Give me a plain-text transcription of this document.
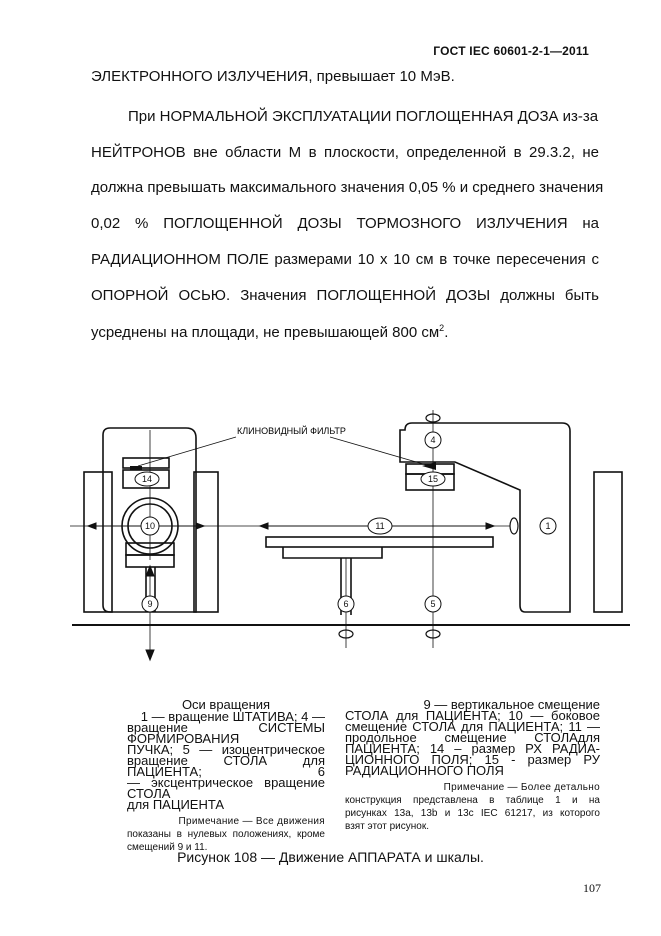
ГОСТ IEC 60601-2-1—2011
ЭЛЕКТРОННОГО ИЗЛУЧЕНИЯ, превышает 10 МэВ.
При НОРМАЛЬНОЙ ЭКСПЛУАТАЦИИ ПОГЛОЩЕННАЯ ДОЗА из-за
НЕЙТРОНОВ вне области М в плоскости, определенной в 29.3.2, не
должна превышать максимального значения 0,05 % и среднего значения
0,02 % ПОГЛОЩЕННОЙ ДОЗЫ ТОРМОЗНОГО ИЗЛУЧЕНИЯ на
РАДИАЦИОННОМ ПОЛЕ размерами 10 х 10 см в точке пересечения с
ОПОРНОЙ ОСЬЮ. Значения ПОГЛОЩЕННОЙ ДОЗЫ должны быть
усреднены на площади, не превышающей 800 $см^2$.
КЛИНОВИДНЫЙ ФИЛЬТР
1
4
5
6
9
10	11
14	15
Оси вращения
1 — вращение ШТАТИВА; 4 —
вращение СИСТЕМЫ ФОРМИРОВАНИЯ
ПУЧКА; 5 — изоцентрическое
вращение СТОЛА для ПАЦИЕНТА; 6
— эксцентрическое вращение СТОЛА
для ПАЦИЕНТА
Примечание — Все движения
показаны в нулевых положениях, кроме
смещений 9 и 11.
9 — вертикальное смещение
СТОЛА для ПАЦИЕНТА; 10 — боковое
смещение СТОЛА для ПАЦИЕНТА; 11 —
продольное смещение СТОЛАдля
ПАЦИЕНТА; 14 – размер РХ РАДИА-
ЦИОННОГО ПОЛЯ; 15 - размер РУ
РАДИАЦИОННОГО ПОЛЯ
Примечание — Более детально
конструкция представлена в таблице 1 и на
рисунках 13a, 13b и 13c IEC 61217, из которого
взят этот рисунок.
Рисунок 108 — Движение АППАРАТА и шкалы.
107
